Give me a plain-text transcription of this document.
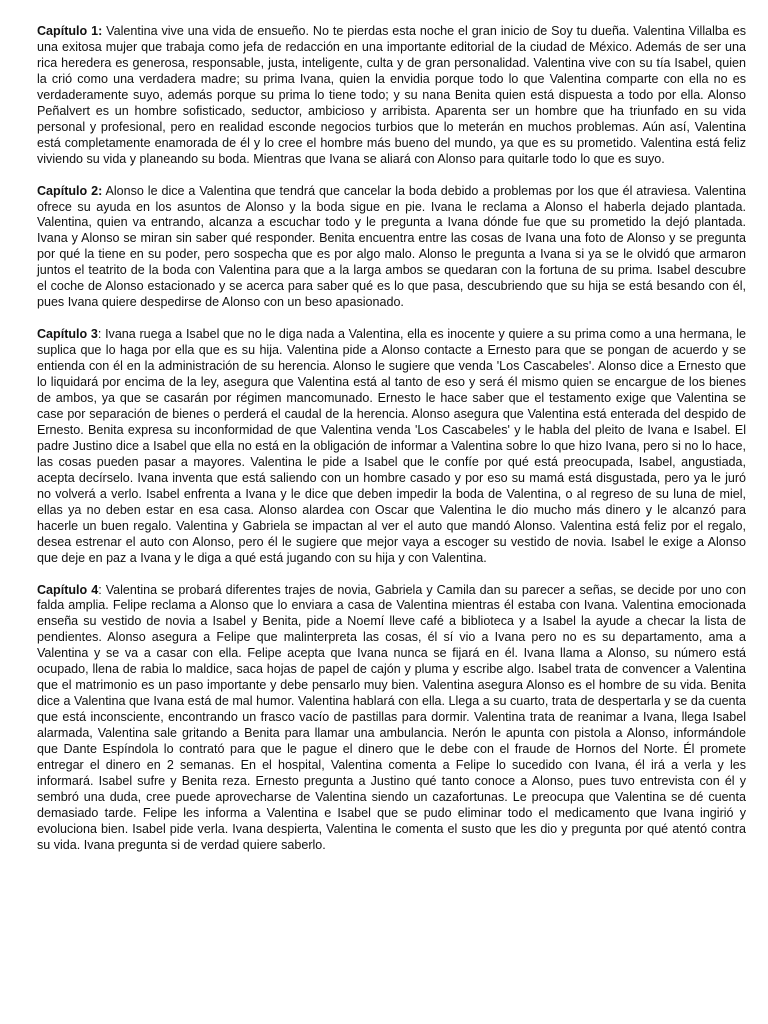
Capítulo 1: Valentina vive una vida de ensueño. No te pierdas esta noche el gran inicio de Soy tu dueña. Valentina Villalba es una exitosa mujer que trabaja como jefa de redacción en una importante editorial de la ciudad de México. Además de ser una rica heredera es generosa, responsable, justa, inteligente, culta y de gran personalidad. Valentina vive con su tía Isabel, quien la crió como una verdadera madre; su prima Ivana, quien la envidia porque todo lo que Valentina comparte con ella no es verdaderamente suyo, además porque su prima lo tiene todo; y su nana Benita quien está dispuesta a todo por ella. Alonso Peñalvert es un hombre sofisticado, seductor, ambicioso y arribista. Aparenta ser un hombre que ha triunfado en su vida personal y profesional, pero en realidad esconde negocios turbios que lo meterán en muchos problemas. Aún así, Valentina está completamente enamorada de él y lo cree el hombre más bueno del mundo, ya que es su prometido. Valentina está feliz viviendo su vida y planeando su boda. Mientras que Ivana se aliará con Alonso para quitarle todo lo que es suyo.

Capítulo 2: Alonso le dice a Valentina que tendrá que cancelar la boda debido a problemas por los que él atraviesa. Valentina ofrece su ayuda en los asuntos de Alonso y la boda sigue en pie. Ivana le reclama a Alonso el haberla dejado plantada. Valentina, quien va entrando, alcanza a escuchar todo y le pregunta a Ivana dónde fue que su prometido la dejó plantada. Ivana y Alonso se miran sin saber qué responder. Benita encuentra entre las cosas de Ivana una foto de Alonso y se pregunta por qué la tiene en su poder, pero sospecha que es por algo malo. Alonso le pregunta a Ivana si ya se le olvidó que armaron juntos el teatrito de la boda con Valentina para que a la larga ambos se quedaran con la fortuna de su prima. Isabel descubre el coche de Alonso estacionado y se acerca para saber qué es lo que pasa, descubriendo que su hija se está besando con él, pues Ivana quiere despedirse de Alonso con un beso apasionado.

Capítulo 3: Ivana ruega a Isabel que no le diga nada a Valentina, ella es inocente y quiere a su prima como a una hermana, le suplica que lo haga por ella que es su hija. Valentina pide a Alonso contacte a Ernesto para que se pongan de acuerdo y se entienda con él en la administración de su herencia. Alonso le sugiere que venda 'Los Cascabeles'. Alonso dice a Ernesto que lo liquidará por encima de la ley, asegura que Valentina está al tanto de eso y será él mismo quien se encargue de los bienes de ambos, ya que se casarán por régimen mancomunado. Ernesto le hace saber que el testamento exige que Valentina se case por separación de bienes o perderá el caudal de la herencia. Alonso asegura que Valentina está enterada del despido de Ernesto. Benita expresa su inconformidad de que Valentina venda 'Los Cascabeles' y le habla del pleito de Ivana e Isabel. El padre Justino dice a Isabel que ella no está en la obligación de informar a Valentina sobre lo que hizo Ivana, pero si no lo hace, las cosas pueden pasar a mayores. Valentina le pide a Isabel que le confíe por qué está preocupada, Isabel, angustiada, acepta decírselo. Ivana inventa que está saliendo con un hombre casado y por eso su mamá está disgustada, pero ya le juró no volverá a verlo. Isabel enfrenta a Ivana y le dice que deben impedir la boda de Valentina, o al regreso de su luna de miel, ellas ya no deben estar en esa casa. Alonso alardea con Oscar que Valentina le dio mucho más dinero y le alcanzó para hacerle un buen regalo. Valentina y Gabriela se impactan al ver el auto que mandó Alonso. Valentina está feliz por el regalo, desea estrenar el auto con Alonso, pero él le sugiere que mejor vaya a escoger su vestido de novia. Isabel le exige a Alonso que deje en paz a Ivana y le diga a qué está jugando con su hija y con Valentina.

Capítulo 4: Valentina se probará diferentes trajes de novia, Gabriela y Camila dan su parecer a señas, se decide por uno con falda amplia. Felipe reclama a Alonso que lo enviara a casa de Valentina mientras él estaba con Ivana. Valentina emocionada enseña su vestido de novia a Isabel y Benita, pide a Noemí lleve café a biblioteca y a Isabel la ayude a checar la lista de pendientes. Alonso asegura a Felipe que malinterpreta las cosas, él sí vio a Ivana pero no es su departamento, ama a Valentina y se va a casar con ella. Felipe acepta que Ivana nunca se fijará en él. Ivana llama a Alonso, su número está ocupado, llena de rabia lo maldice, saca hojas de papel de cajón y pluma y escribe algo. Isabel trata de convencer a Valentina que el matrimonio es un paso importante y debe pensarlo muy bien. Valentina asegura Alonso es el hombre de su vida. Benita dice a Valentina que Ivana está de mal humor. Valentina hablará con ella. Llega a su cuarto, trata de despertarla y se da cuenta que está inconsciente, encontrando un frasco vacío de pastillas para dormir. Valentina trata de reanimar a Ivana, llega Isabel alarmada, Valentina sale gritando a Benita para llamar una ambulancia. Nerón le apunta con pistola a Alonso, informándole que Dante Espíndola lo contrató para que le pague el dinero que le debe con el fraude de Hornos del Norte. Él promete entregar el dinero en 2 semanas. En el hospital, Valentina comenta a Felipe lo sucedido con Ivana, él irá a verla y les informará. Isabel sufre y Benita reza. Ernesto pregunta a Justino qué tanto conoce a Alonso, pues tuvo entrevista con él y sembró una duda, cree puede aprovecharse de Valentina siendo un cazafortunas. Le preocupa que Valentina se dé cuenta demasiado tarde. Felipe les informa a Valentina e Isabel que se pudo eliminar todo el medicamento que Ivana ingirió y evoluciona bien. Isabel pide verla. Ivana despierta, Valentina le comenta el susto que les dio y pregunta por qué atentó contra su vida. Ivana pregunta si de verdad quiere saberlo.
